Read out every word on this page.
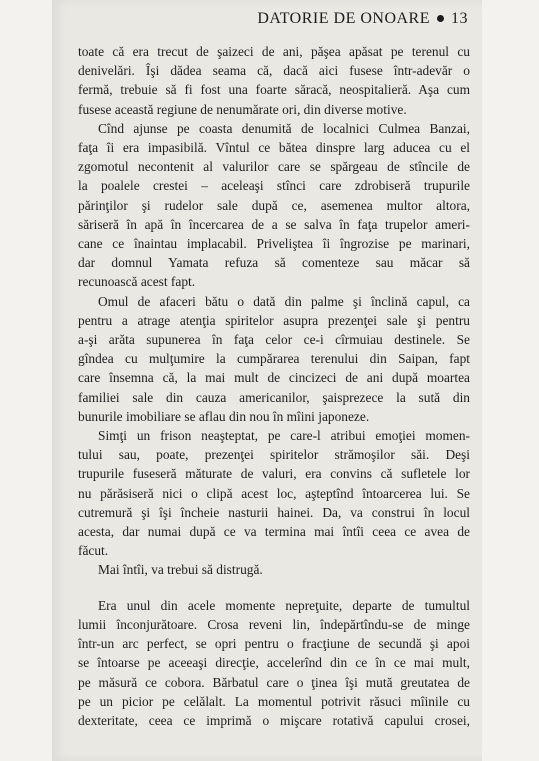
DATORIE DE ONOARE 13
toate că era trecut de şaizeci de ani, păşea apăsat pe terenul cu
denivelări. Îşi dădea seama că, dacă aici fusese într-adevăr o
fermă, trebuie să fi fost una foarte săracă, neospitalieră. Aşa cum
fusese această regiune de nenumărate ori, din diverse motive.
Cînd ajunse pe coasta denumită de localnici Culmea Banzai,
faţa îi era impasibilă. Vîntul ce bătea dinspre larg aducea cu el
zgomotul necontenit al valurilor care se spărgeau de stîncile de
la poalele crestei – aceleaşi stînci care zdrobiseră trupurile
părinţilor şi rudelor sale după ce, asemenea multor altora,
săriseră în apă în încercarea de a se salva în faţa trupelor ameri-
cane ce înaintau implacabil. Priveliştea îi îngrozise pe marinari,
dar domnul Yamata refuza să comenteze sau măcar să
recunoască acest fapt.
Omul de afaceri bătu o dată din palme şi înclină capul, ca
pentru a atrage atenţia spiritelor asupra prezenţei sale şi pentru
a-şi arăta supunerea în faţa celor ce-i cîrmuiau destinele. Se
gîndea cu mulţumire la cumpărarea terenului din Saipan, fapt
care însemna că, la mai mult de cincizeci de ani după moartea
familiei sale din cauza americanilor, şaisprezece la sută din
bunurile imobiliare se aflau din nou în mîini japoneze.
Simţi un frison neaşteptat, pe care-l atribui emoţiei momen-
tului sau, poate, prezenţei spiritelor strămoşilor săi. Deşi
trupurile fuseseră măturate de valuri, era convins că sufletele lor
nu părăsiseră nici o clipă acest loc, aşteptînd întoarcerea lui. Se
cutremură şi îşi încheie nasturii hainei. Da, va construi în locul
acesta, dar numai după ce va termina mai întîi ceea ce avea de
făcut.
Mai întîi, va trebui să distrugă.
Era unul din acele momente nepreţuite, departe de tumultul
lumii înconjurătoare. Crosa reveni lin, îndepărtîndu-se de minge
într-un arc perfect, se opri pentru o fracţiune de secundă şi apoi
se întoarse pe aceeaşi direcţie, accelerînd din ce în ce mai mult,
pe măsură ce cobora. Bărbatul care o ţinea îşi mută greutatea de
pe un picior pe celălalt. La momentul potrivit răsuci mîinile cu
dexteritate, ceea ce imprimă o mişcare rotativă capului crosei,
